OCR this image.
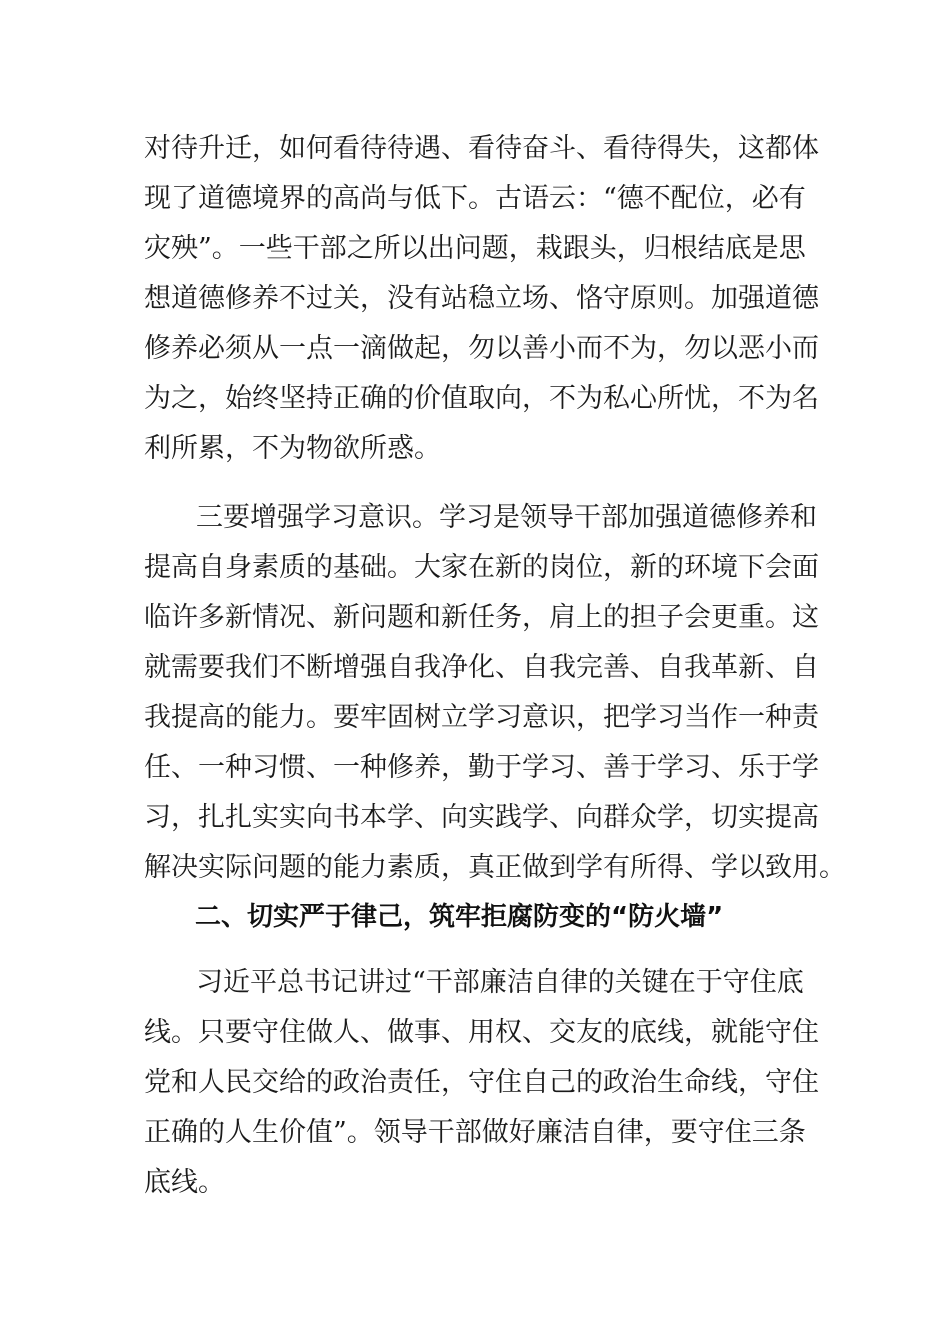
对待升迁，如何看待待遇、看待奋斗、看待得失，这都体
现了道德境界的高尚与低下。古语云：“德不配位，必有
灾殃”。一些干部之所以出问题，栽跟头，归根结底是思
想道德修养不过关，没有站稳立场、恪守原则。加强道德
修养必须从一点一滴做起，勿以善小而不为，勿以恶小而
为之，始终坚持正确的价值取向，不为私心所忧，不为名
利所累，不为物欲所惑。
三要增强学习意识。学习是领导干部加强道德修养和
提高自身素质的基础。大家在新的岗位，新的环境下会面
临许多新情况、新问题和新任务，肩上的担子会更重。这
就需要我们不断增强自我净化、自我完善、自我革新、自
我提高的能力。要牢固树立学习意识，把学习当作一种责
任、一种习惯、一种修养，勤于学习、善于学习、乐于学
习，扎扎实实向书本学、向实践学、向群众学，切实提高
解决实际问题的能力素质，真正做到学有所得、学以致用。
二、切实严于律己，筑牢拒腐防变的“防火墙”
习近平总书记讲过“干部廉洁自律的关键在于守住底
线。只要守住做人、做事、用权、交友的底线，就能守住
党和人民交给的政治责任，守住自己的政治生命线，守住
正确的人生价值”。领导干部做好廉洁自律，要守住三条
底线。
